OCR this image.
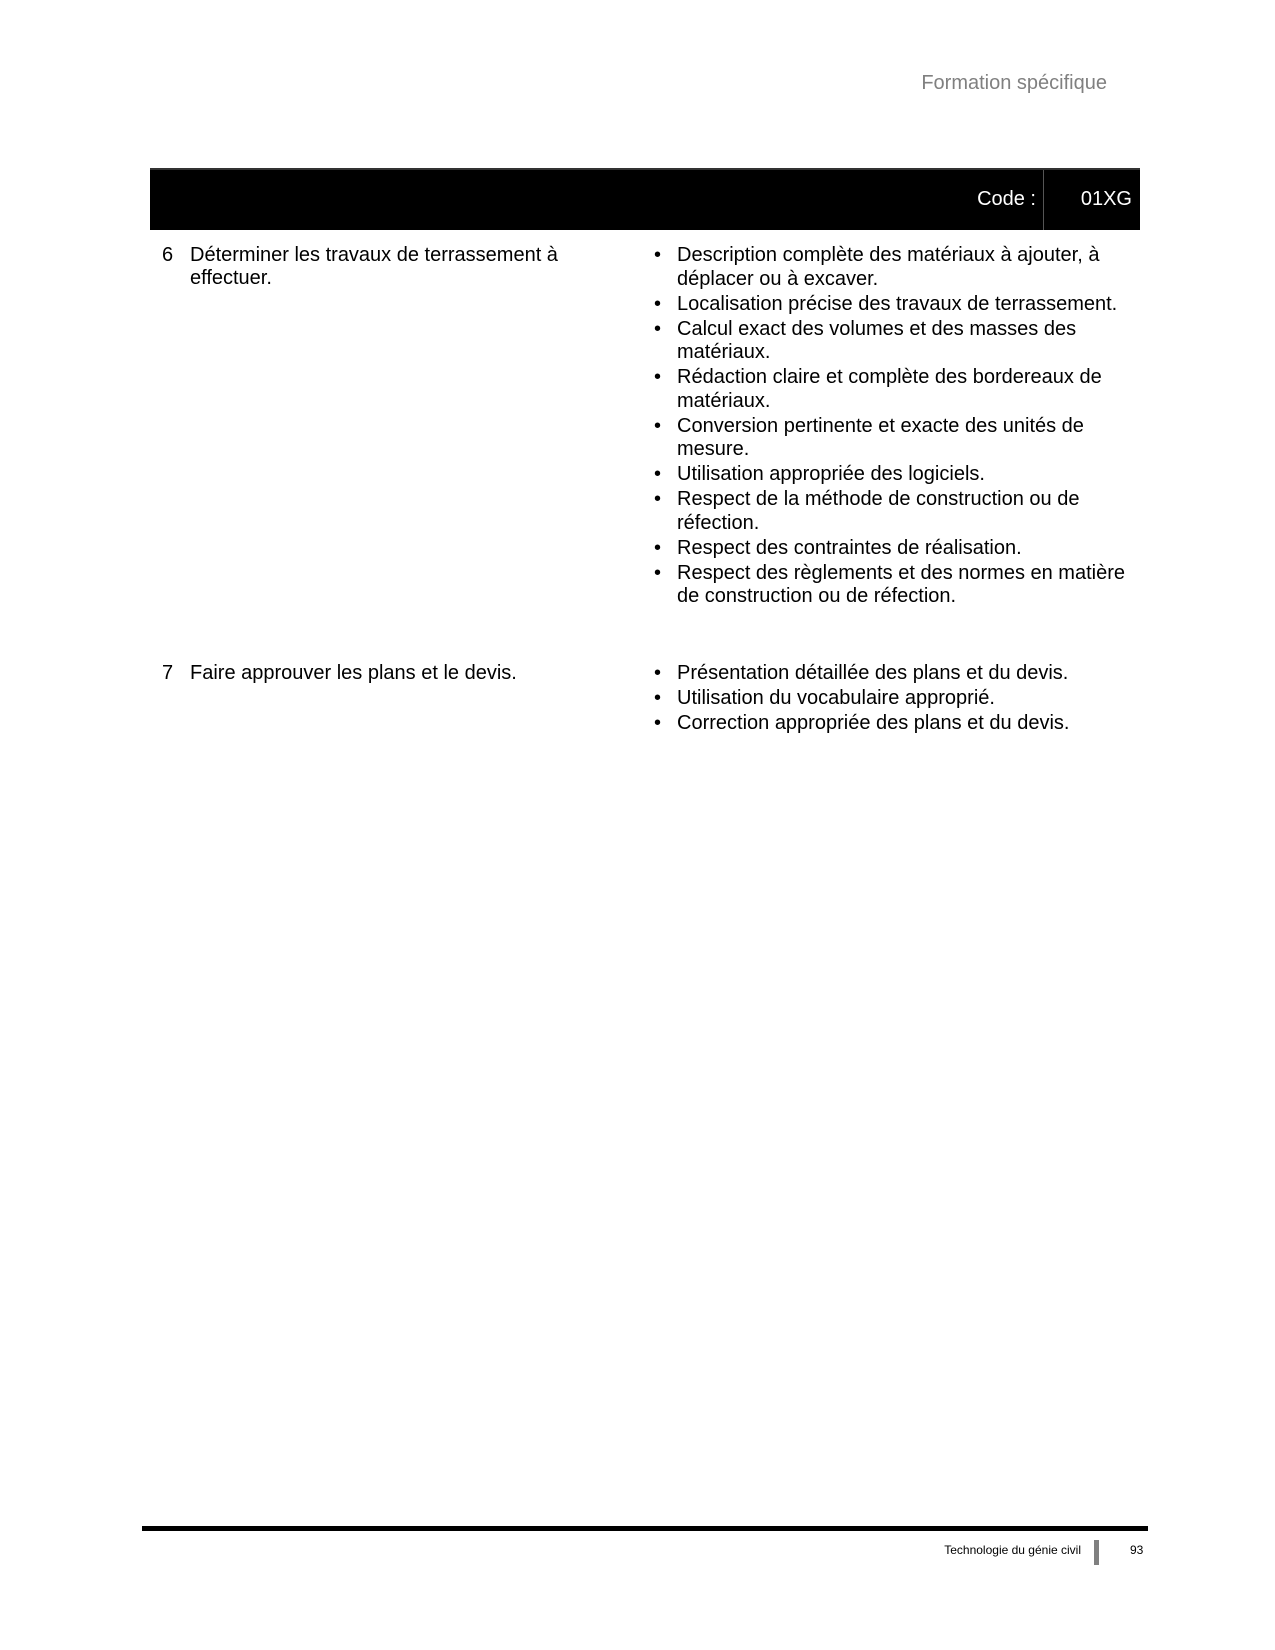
Formation spécifique
Code : 01XG
6 Déterminer les travaux de terrassement à effectuer.
• Description complète des matériaux à ajouter, à déplacer ou à excaver.
• Localisation précise des travaux de terrassement.
• Calcul exact des volumes et des masses des matériaux.
• Rédaction claire et complète des bordereaux de matériaux.
• Conversion pertinente et exacte des unités de mesure.
• Utilisation appropriée des logiciels.
• Respect de la méthode de construction ou de réfection.
• Respect des contraintes de réalisation.
• Respect des règlements et des normes en matière de construction ou de réfection.
7 Faire approuver les plans et le devis.	• Présentation détaillée des plans et du devis.
• Utilisation du vocabulaire approprié.
• Correction appropriée des plans et du devis.
Technologie du génie civil	93
